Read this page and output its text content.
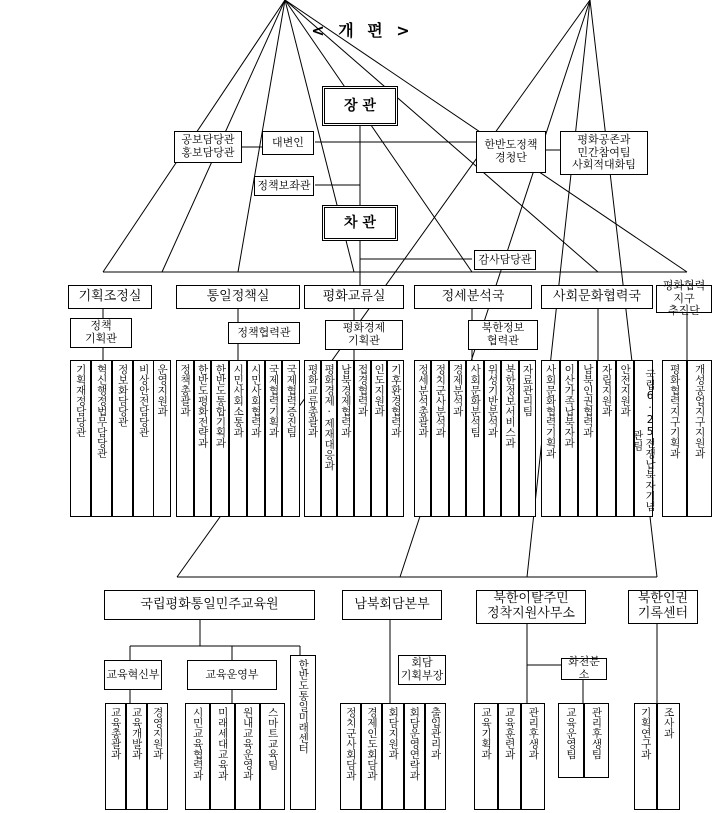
< 개 편 >
장 관
대변인
공보담당관
홍보담당관
정책보좌관
한반도정책
경청단
평화공존과
민간참여팀
사회적대화팀
차 관
감사담당관
기획조정실
정책
기획관
기획재정담당관 혁신행정법무담당관 정보화담당관 비상안전담당관 운영지원과
통일정책실
정책협력관
정책총괄과 한반도평화전략과 한반도통합기획과 시민사회소통과 시민사회협력과 국제협력기획과 국제협력증진팀
평화교류실
평화경제
기획관
평화교류총괄과 평화경제·제재대응과 남북경제협력과 접경협력과 인도지원과 기후환경협력과
정세분석국
북한정보
협력관
정세분석총괄과 정치군사분석과 경제분석과 사회문화분석팀 위성기반분석과 북한정보서비스과 자료관리팀
사회문화협력국
사회문화협력기획과 이산가족납북자과 남북인권협력과 자립지원과 안전지원과	국립6·25전쟁납북자기념관팀
평화협력지구
추진단
평화협력지구기획과 개성공업지구지원과
국립평화통일민주교육원
교육혁신부	교육운영부
교육총괄과 교육개발과 경영지원과	시민교육협력과 미래세대교육과 원내교육운영과 스마트교육팀 한반도통일미래센터
남북회담본부
회담
기획부장
정치군사회담과 경제인도회담과 회담지원과 회담운영연락과 출입관리과
북한이탈주민
정착지원사무소
화천분소
교육기획과 교육훈련과 관리후생과 교육운영팀 관리후생팀
북한인권
기록센터
기획연구과 조사과
